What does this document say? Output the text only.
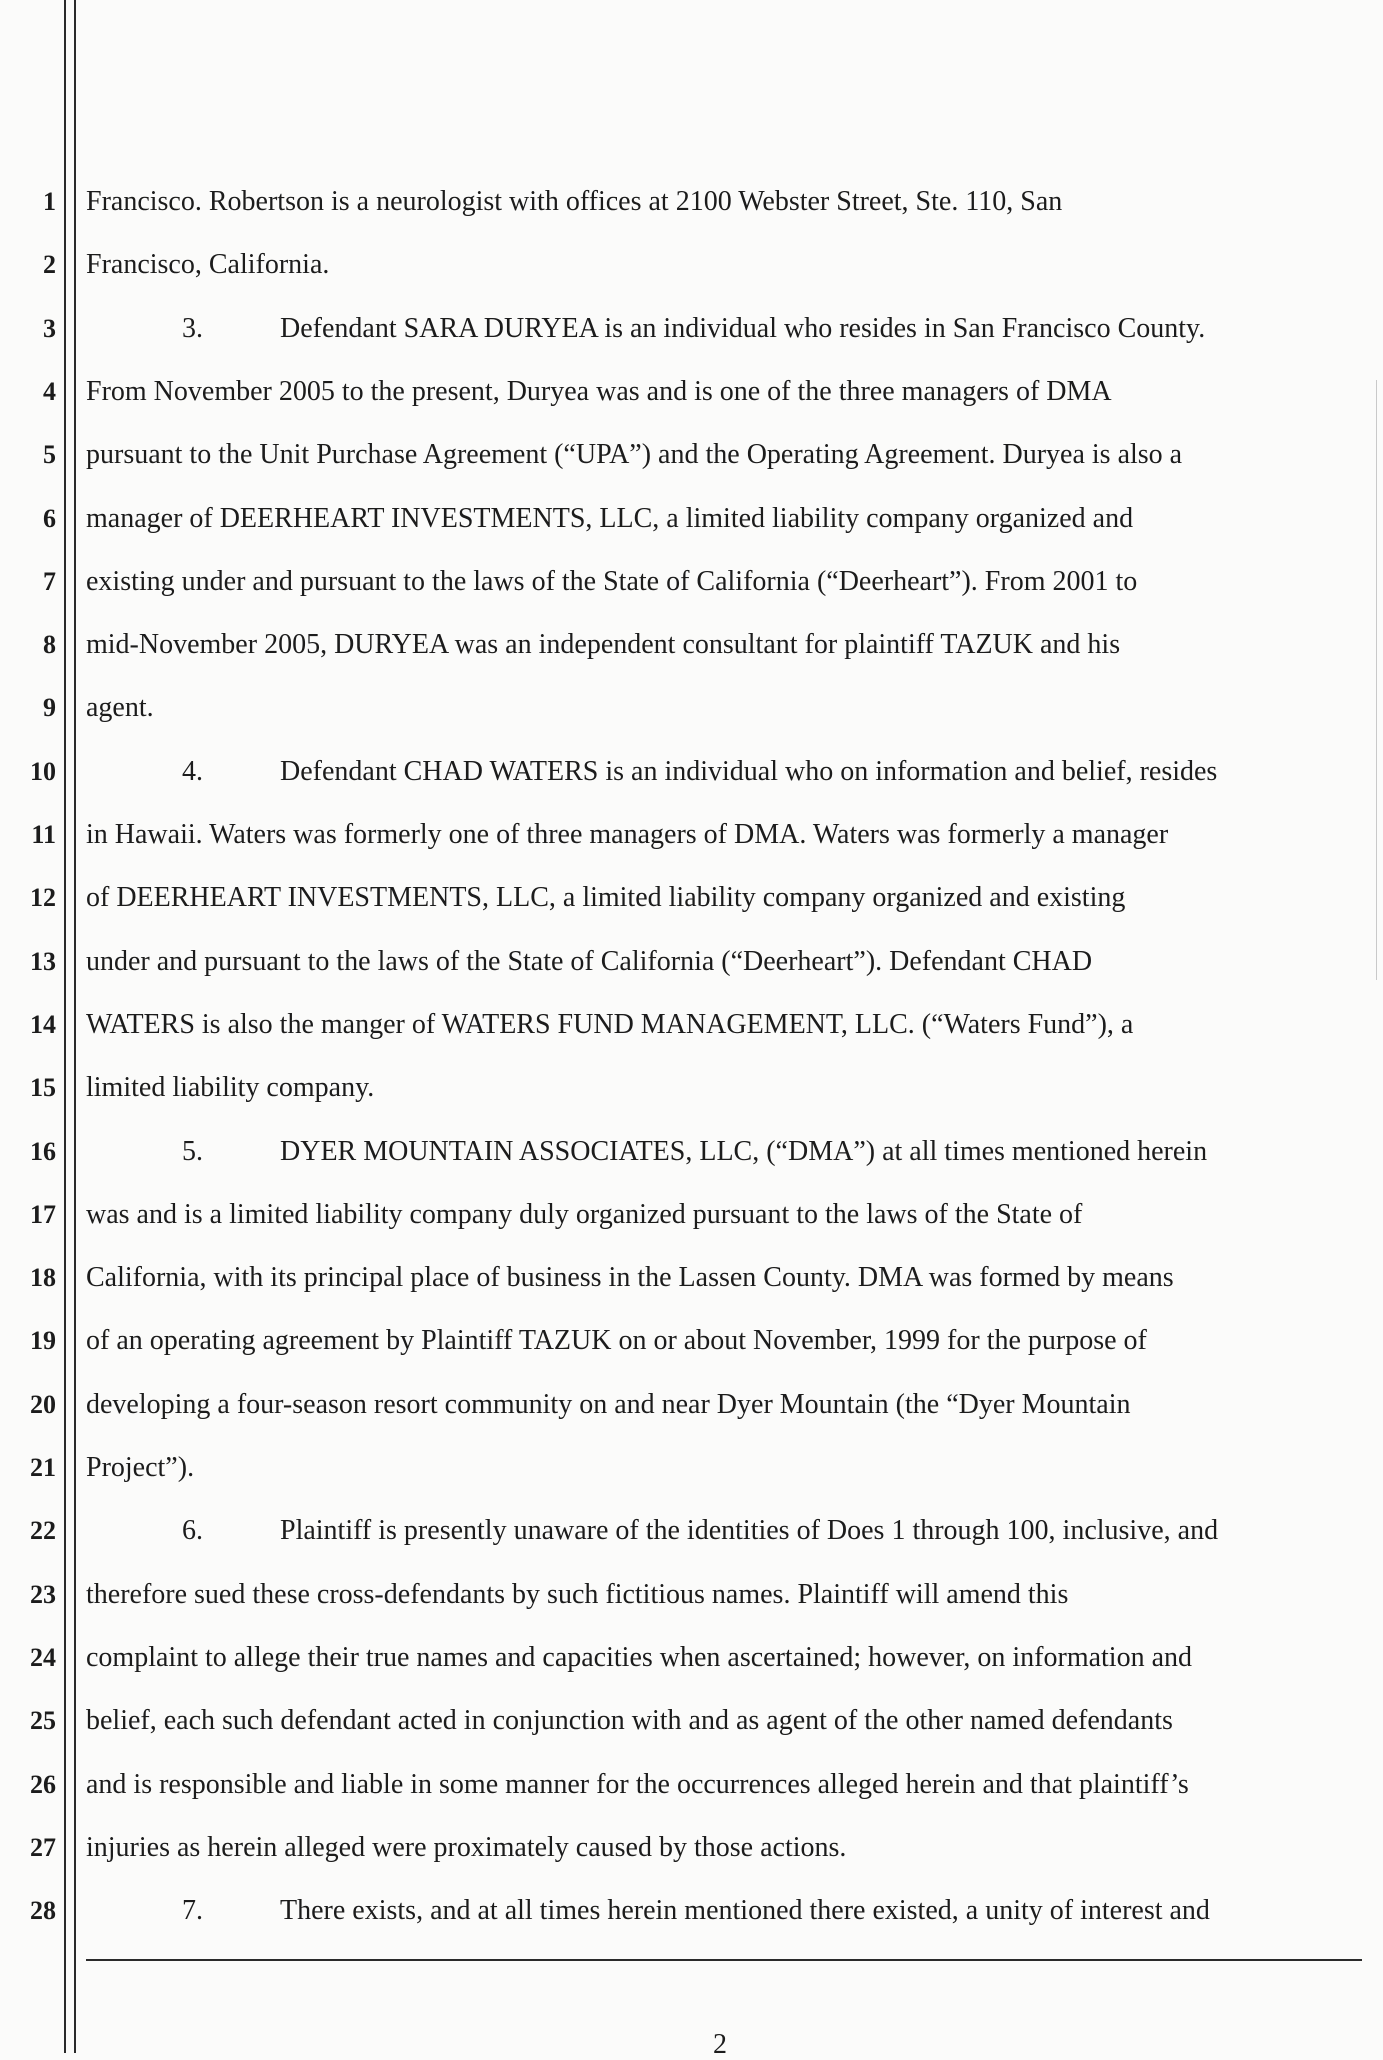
1
2
3
4
5
6
7
8
9
10
11
12
13
14
15
16
17
18
19
20
21
22
23
24
25
26
27
28
Francisco. Robertson is a neurologist with offices at 2100 Webster Street, Ste. 110, San
Francisco, California.
3.	Defendant SARA DURYEA is an individual who resides in San Francisco County.
From November 2005 to the present, Duryea was and is one of the three managers of DMA
pursuant to the Unit Purchase Agreement (“UPA”) and the Operating Agreement. Duryea is also a
manager of DEERHEART INVESTMENTS, LLC, a limited liability company organized and
existing under and pursuant to the laws of the State of California (“Deerheart”). From 2001 to
mid-November 2005, DURYEA was an independent consultant for plaintiff TAZUK and his
agent.
4.	Defendant CHAD WATERS is an individual who on information and belief, resides
in Hawaii. Waters was formerly one of three managers of DMA. Waters was formerly a manager
of DEERHEART INVESTMENTS, LLC, a limited liability company organized and existing
under and pursuant to the laws of the State of California (“Deerheart”). Defendant CHAD
WATERS is also the manger of WATERS FUND MANAGEMENT, LLC. (“Waters Fund”), a
limited liability company.
5.	DYER MOUNTAIN ASSOCIATES, LLC, (“DMA”) at all times mentioned herein
was and is a limited liability company duly organized pursuant to the laws of the State of
California, with its principal place of business in the Lassen County. DMA was formed by means
of an operating agreement by Plaintiff TAZUK on or about November, 1999 for the purpose of
developing a four-season resort community on and near Dyer Mountain (the “Dyer Mountain
Project”).
6.	Plaintiff is presently unaware of the identities of Does 1 through 100, inclusive, and
therefore sued these cross-defendants by such fictitious names. Plaintiff will amend this
complaint to allege their true names and capacities when ascertained; however, on information and
belief, each such defendant acted in conjunction with and as agent of the other named defendants
and is responsible and liable in some manner for the occurrences alleged herein and that plaintiff’s
injuries as herein alleged were proximately caused by those actions.
7.	There exists, and at all times herein mentioned there existed, a unity of interest and
2
